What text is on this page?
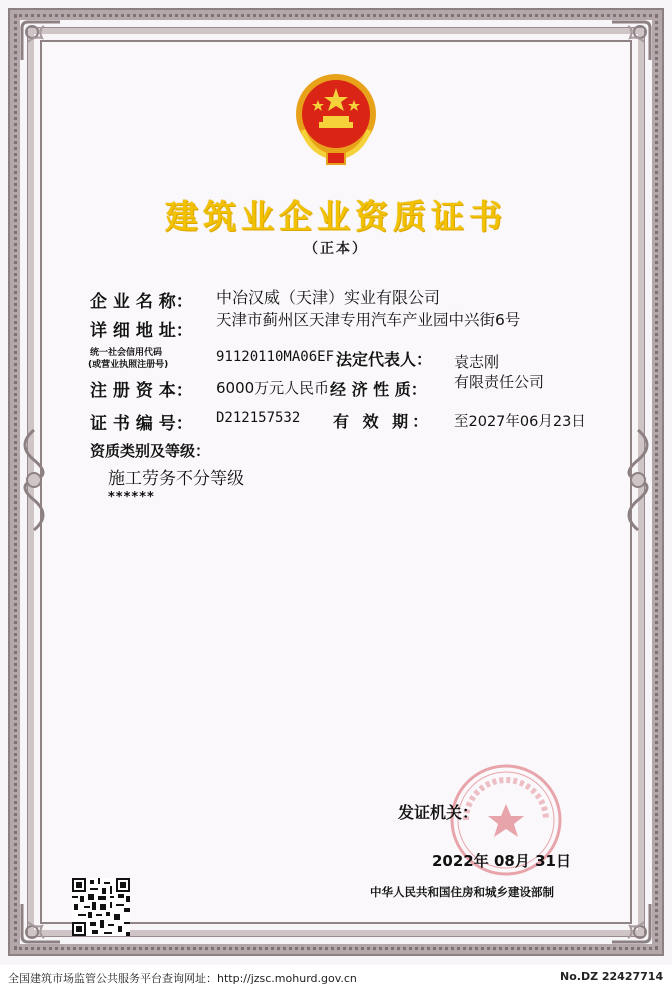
建筑业企业资质证书
（正本）
企 业 名 称： 中冶汉威（天津）实业有限公司
详 细 地 址：
天津市蓟州区天津专用汽车产业园中兴街6号
统一社会信用代码
(或营业执照注册号)	91120110MA06EF 法定代表人： 袁志刚
注 册 资 本： 6000万元人民币 经 济 性 质： 有限责任公司
证 书 编 号： D212157532 有 效 期： 至2027年06月23日
资质类别及等级：
施工劳务不分等级
******
发证机关：
2022年 08月 31日
中华人民共和国住房和城乡建设部制
全国建筑市场监管公共服务平台查询网址：http://jzsc.mohurd.gov.cn	No.DZ 22427714
